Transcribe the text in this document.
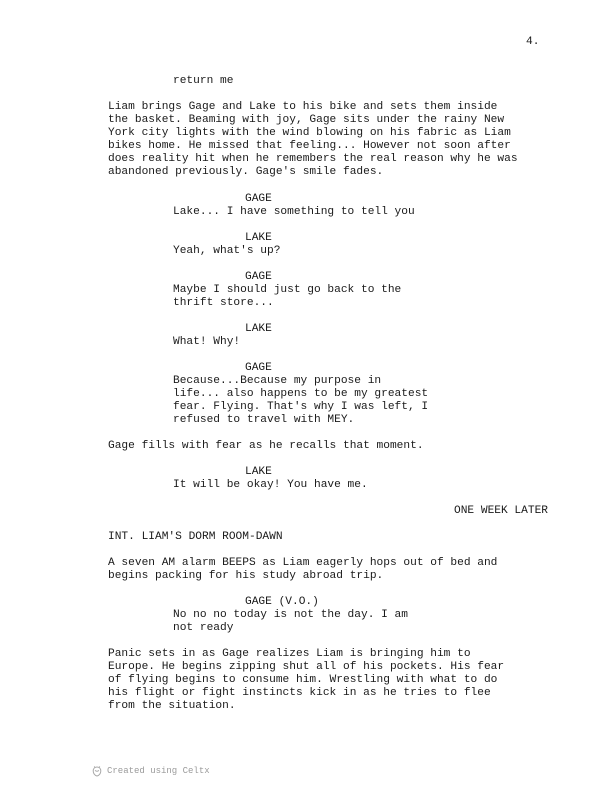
4.
return me
Liam brings Gage and Lake to his bike and sets them inside
the basket. Beaming with joy, Gage sits under the rainy New
York city lights with the wind blowing on his fabric as Liam
bikes home. He missed that feeling... However not soon after
does reality hit when he remembers the real reason why he was
abandoned previously. Gage's smile fades.
GAGE
Lake... I have something to tell you
LAKE
Yeah, what's up?
GAGE
Maybe I should just go back to the
thrift store...
LAKE
What! Why!
GAGE
Because...Because my purpose in
life... also happens to be my greatest
fear. Flying. That's why I was left, I
refused to travel with MEY.
Gage fills with fear as he recalls that moment.
LAKE
It will be okay! You have me.
ONE WEEK LATER
INT. LIAM'S DORM ROOM-DAWN
A seven AM alarm BEEPS as Liam eagerly hops out of bed and
begins packing for his study abroad trip.
GAGE (V.O.)
No no no today is not the day. I am
not ready
Panic sets in as Gage realizes Liam is bringing him to
Europe. He begins zipping shut all of his pockets. His fear
of flying begins to consume him. Wrestling with what to do
his flight or fight instincts kick in as he tries to flee
from the situation.
Created using Celtx
